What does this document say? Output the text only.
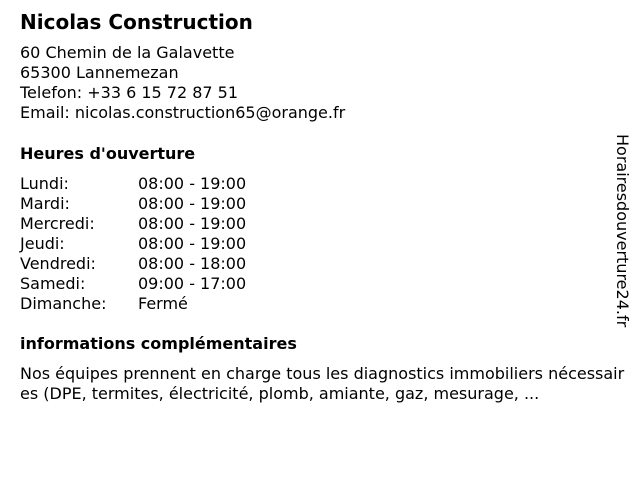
Nicolas Construction
60 Chemin de la Galavette
65300 Lannemezan
Telefon: +33 6 15 72 87 51
Email: nicolas.construction65@orange.fr
Heures d'ouverture
Lundi:	08:00 - 19:00
Mardi:	08:00 - 19:00
Mercredi:	08:00 - 19:00
Jeudi:	08:00 - 19:00
Vendredi:	08:00 - 18:00
Samedi:	09:00 - 17:00
Dimanche:	Fermé
informations complémentaires
Nos équipes prennent en charge tous les diagnostics immobiliers nécessaires (DPE, termites, électricité, plomb, amiante, gaz, mesurage, ...
Horairesdouverture24.fr
